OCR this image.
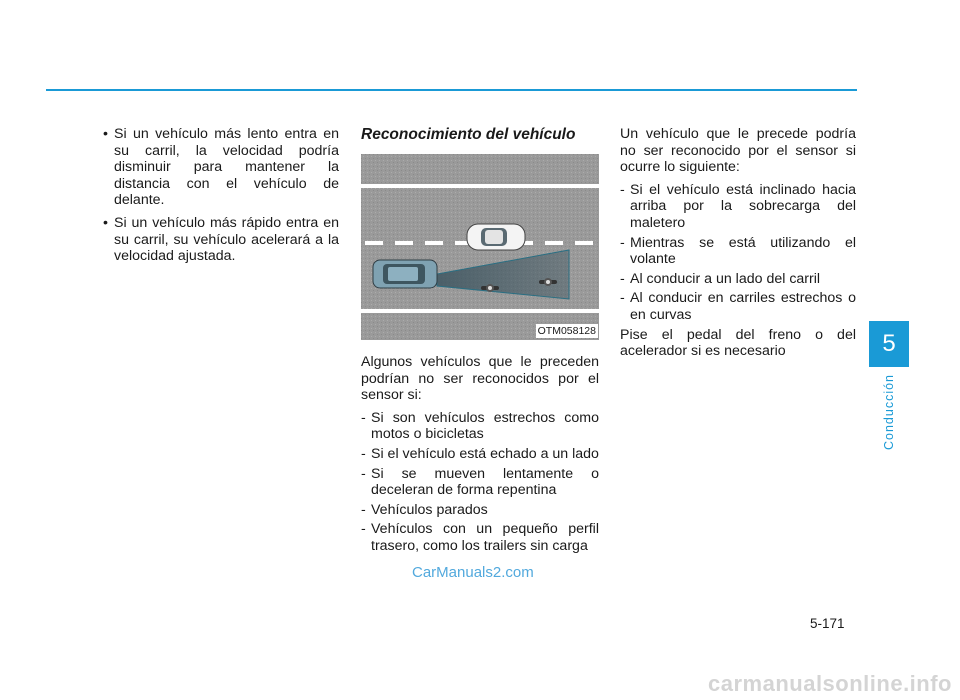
• Si un vehículo más lento entra en su carril, la velocidad podría disminuir para mantener la distancia con el vehículo de delante.
• Si un vehículo más rápido entra en su carril, su vehículo acelerará a la velocidad ajustada.
Reconocimiento del vehículo
OTM058128

Algunos vehículos que le preceden podrían no ser reconocidos por el sensor si:

- Si son vehículos estrechos como motos o bicicletas
- Si el vehículo está echado a un lado
- Si se mueven lentamente o deceleran de forma repentina
- Vehículos parados
- Vehículos con un pequeño perfil trasero, como los trailers sin carga

Un vehículo que le precede podría no ser reconocido por el sensor si ocurre lo siguiente:

- Si el vehículo está inclinado hacia arriba por la sobrecarga del maletero
- Mientras se está utilizando el volante
- Al conducir a un lado del carril
- Al conducir en carriles estrechos o en curvas

Pise el pedal del freno o del acelerador si es necesario	5
Conducción
5-171
CarManuals2.com
carmanualsonline.info
